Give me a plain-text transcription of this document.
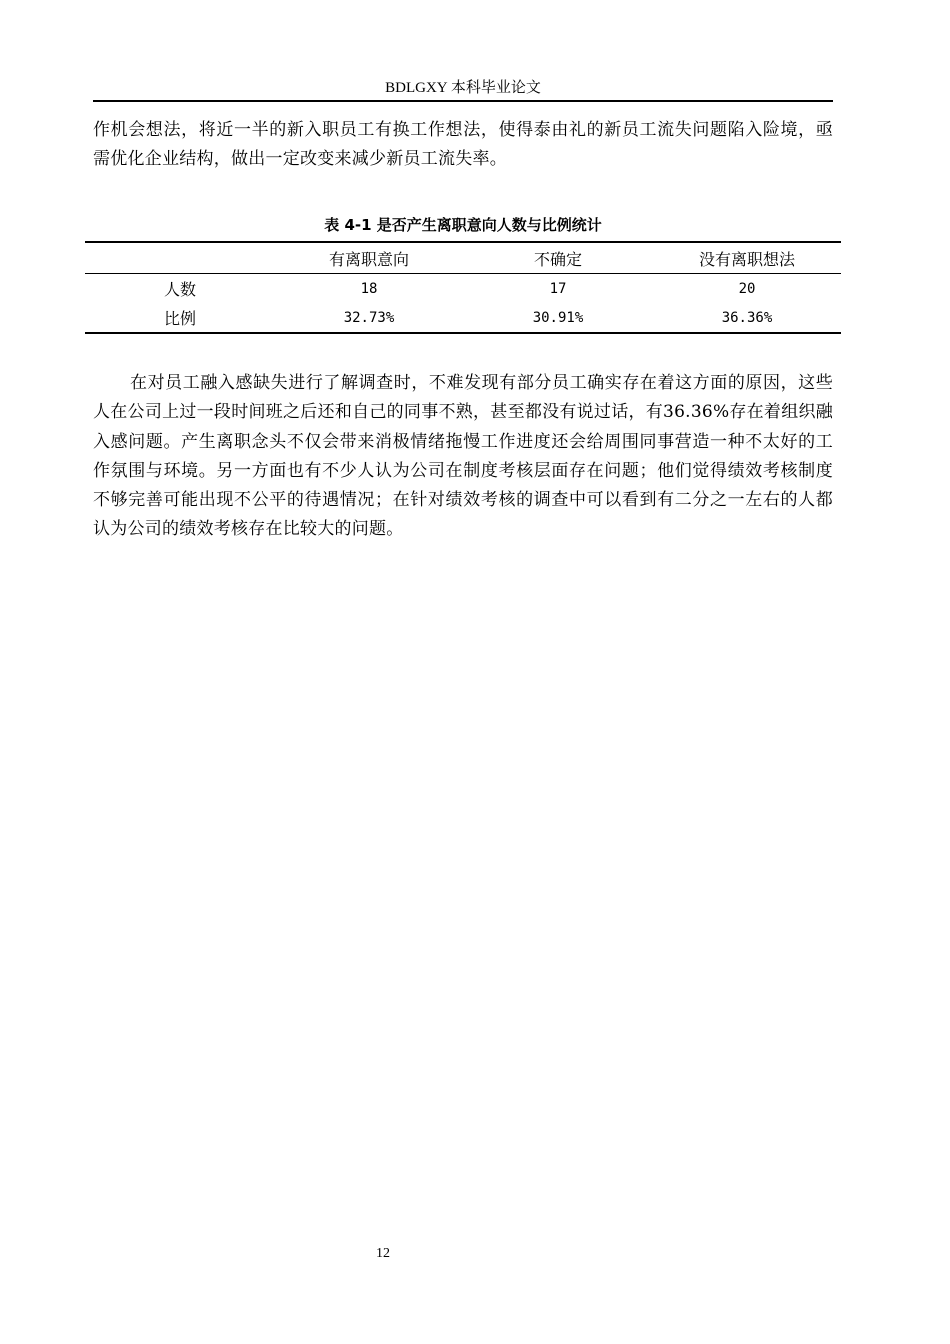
BDLGXY 本科毕业论文

作机会想法，将近一半的新入职员工有换工作想法，使得泰由礼的新员工流失问题陷入险境，亟需优化企业结构，做出一定改变来减少新员工流失率。

表 4-1 是否产生离职意向人数与比例统计
	有离职意向	不确定	没有离职想法
人数	18	17	20
比例	32.73%	30.91%	36.36%

在对员工融入感缺失进行了解调查时，不难发现有部分员工确实存在着这方面的原因，这些人在公司上过一段时间班之后还和自己的同事不熟，甚至都没有说过话，有36.36%存在着组织融入感问题。产生离职念头不仅会带来消极情绪拖慢工作进度还会给周围同事营造一种不太好的工作氛围与环境。另一方面也有不少人认为公司在制度考核层面存在问题；他们觉得绩效考核制度不够完善可能出现不公平的待遇情况；在针对绩效考核的调查中可以看到有二分之一左右的人都认为公司的绩效考核存在比较大的问题。

12
